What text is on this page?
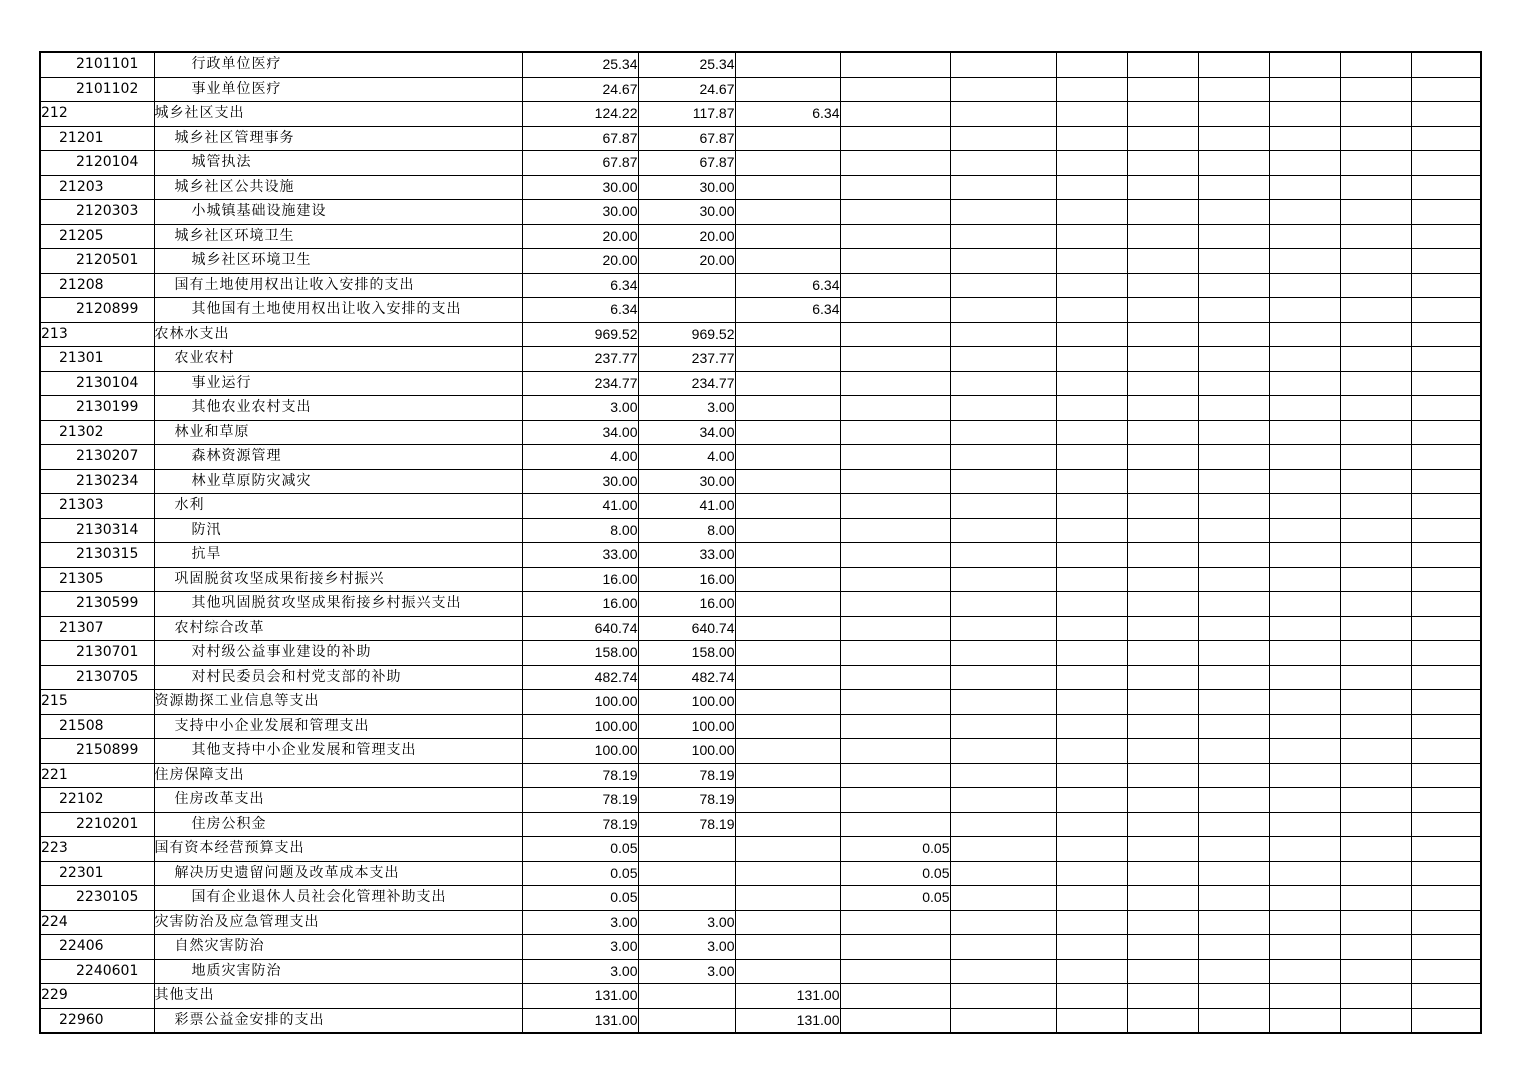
2101101	行政单位医疗	25.34	25.34									
2101102	事业单位医疗	24.67	24.67									
212	城乡社区支出	124.22	117.87	6.34								
21201	城乡社区管理事务	67.87	67.87									
2120104	城管执法	67.87	67.87									
21203	城乡社区公共设施	30.00	30.00									
2120303	小城镇基础设施建设	30.00	30.00									
21205	城乡社区环境卫生	20.00	20.00									
2120501	城乡社区环境卫生	20.00	20.00									
21208	国有土地使用权出让收入安排的支出	6.34		6.34								
2120899	其他国有土地使用权出让收入安排的支出	6.34		6.34								
213	农林水支出	969.52	969.52									
21301	农业农村	237.77	237.77									
2130104	事业运行	234.77	234.77									
2130199	其他农业农村支出	3.00	3.00									
21302	林业和草原	34.00	34.00									
2130207	森林资源管理	4.00	4.00									
2130234	林业草原防灾减灾	30.00	30.00									
21303	水利	41.00	41.00									
2130314	防汛	8.00	8.00									
2130315	抗旱	33.00	33.00									
21305	巩固脱贫攻坚成果衔接乡村振兴	16.00	16.00									
2130599	其他巩固脱贫攻坚成果衔接乡村振兴支出	16.00	16.00									
21307	农村综合改革	640.74	640.74									
2130701	对村级公益事业建设的补助	158.00	158.00									
2130705	对村民委员会和村党支部的补助	482.74	482.74									
215	资源勘探工业信息等支出	100.00	100.00									
21508	支持中小企业发展和管理支出	100.00	100.00									
2150899	其他支持中小企业发展和管理支出	100.00	100.00									
221	住房保障支出	78.19	78.19									
22102	住房改革支出	78.19	78.19									
2210201	住房公积金	78.19	78.19									
223	国有资本经营预算支出	0.05			0.05							
22301	解决历史遗留问题及改革成本支出	0.05			0.05							
2230105	国有企业退休人员社会化管理补助支出	0.05			0.05							
224	灾害防治及应急管理支出	3.00	3.00									
22406	自然灾害防治	3.00	3.00									
2240601	地质灾害防治	3.00	3.00									
229	其他支出	131.00		131.00								
22960	彩票公益金安排的支出	131.00		131.00								
